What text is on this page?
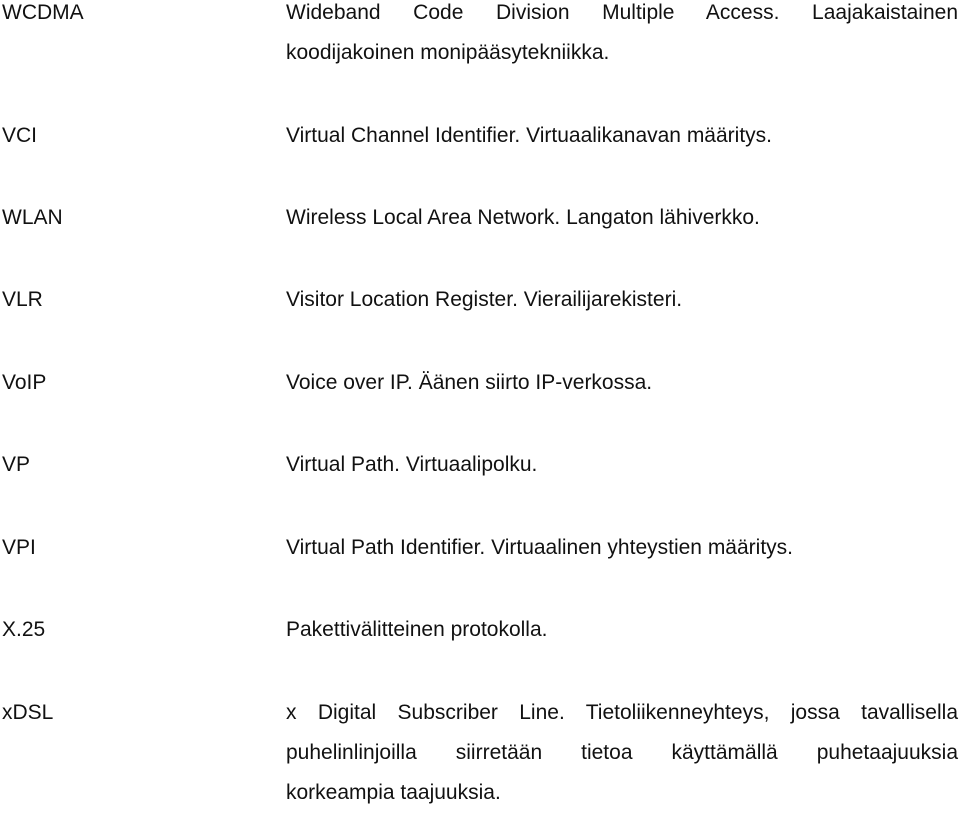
WCDMA	Wideband Code Division Multiple Access. Laajakaistainen
koodijakoinen monipääsytekniikka.
VCI	Virtual Channel Identifier. Virtuaalikanavan määritys.
WLAN	Wireless Local Area Network. Langaton lähiverkko.
VLR	Visitor Location Register. Vierailijarekisteri.
VoIP	Voice over IP. Äänen siirto IP-verkossa.
VP	Virtual Path. Virtuaalipolku.
VPI	Virtual Path Identifier. Virtuaalinen yhteystien määritys.
X.25	Pakettivälitteinen protokolla.
xDSL	x Digital Subscriber Line. Tietoliikenneyhteys, jossa tavallisella
puhelinlinjoilla siirretään tietoa käyttämällä puhetaajuuksia
korkeampia taajuuksia.
